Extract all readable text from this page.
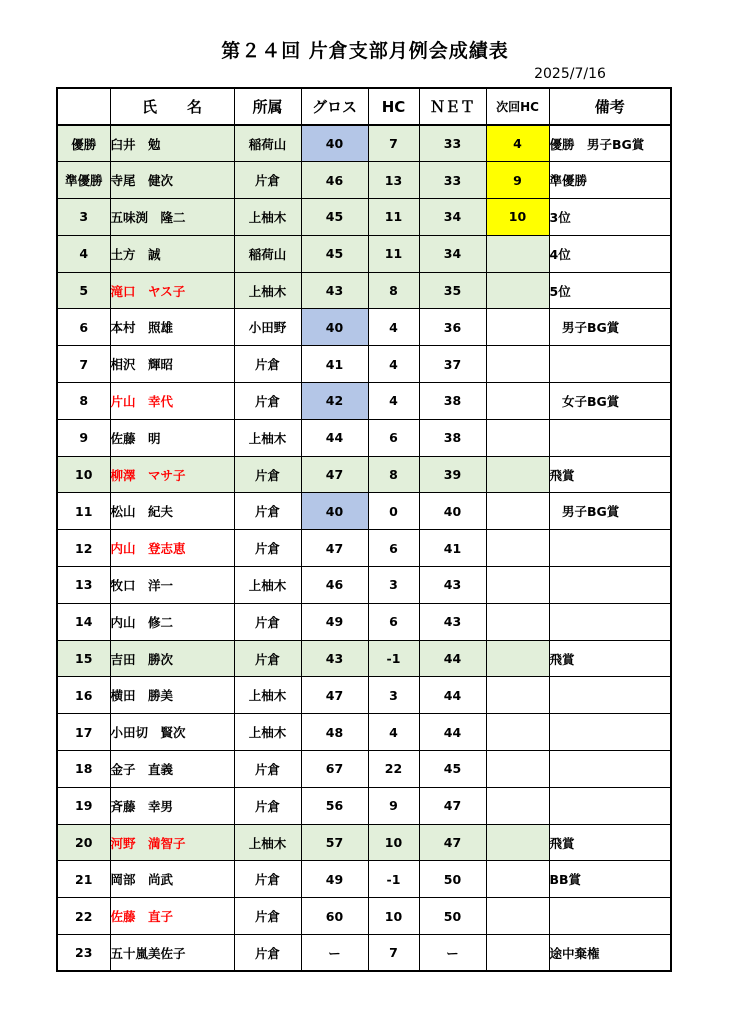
第２４回 片倉支部月例会成績表
2025/7/16
	氏　　名	所属	グロス	HC	ＮＥＴ	次回HC	備考
優勝	臼井　勉	稲荷山	40	7	33	4	優勝　男子BG賞
準優勝	寺尾　健次	片倉	46	13	33	9	準優勝
3	五味渕　隆二	上柚木	45	11	34	10	3位
4	土方　誠	稲荷山	45	11	34		4位
5	滝口　ヤス子	上柚木	43	8	35		5位
6	本村　照雄	小田野	40	4	36		　男子BG賞
7	相沢　輝昭	片倉	41	4	37		
8	片山　幸代	片倉	42	4	38		　女子BG賞
9	佐藤　明	上柚木	44	6	38		
10	柳澤　マサ子	片倉	47	8	39		飛賞
11	松山　紀夫	片倉	40	0	40		　男子BG賞
12	内山　登志恵	片倉	47	6	41		
13	牧口　洋一	上柚木	46	3	43		
14	内山　修二	片倉	49	6	43		
15	吉田　勝次	片倉	43	-1	44		飛賞
16	横田　勝美	上柚木	47	3	44		
17	小田切　賢次	上柚木	48	4	44		
18	金子　直義	片倉	67	22	45		
19	斉藤　幸男	片倉	56	9	47		
20	河野　満智子	上柚木	57	10	47		飛賞
21	岡部　尚武	片倉	49	-1	50		BB賞
22	佐藤　直子	片倉	60	10	50		
23	五十嵐美佐子	片倉	ー	7	ー		途中棄権
